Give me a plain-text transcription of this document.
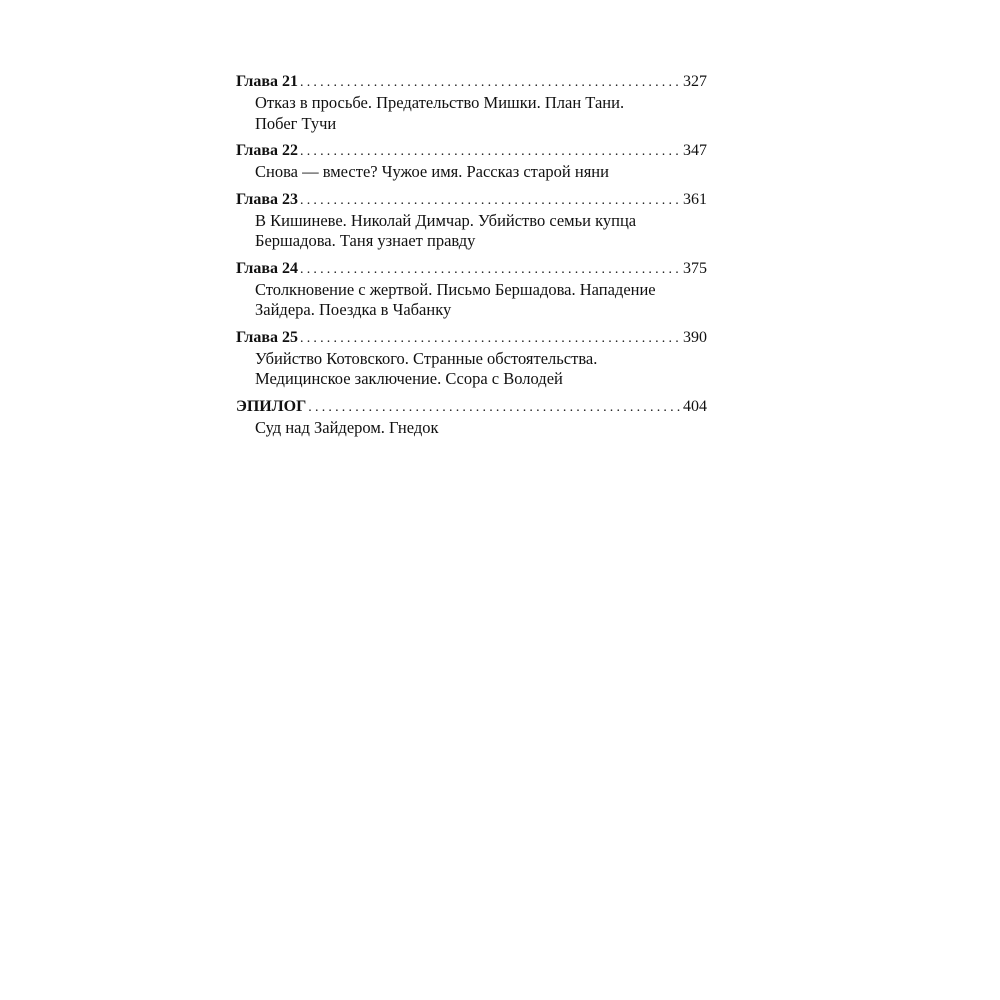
Глава 21 .....	327
Отказ в просьбе. Предательство Мишки. План Тани.
Побег Тучи
Глава 22 .....	347
Снова — вместе? Чужое имя. Рассказ старой няни
Глава 23 .....	361
В Кишиневе. Николай Димчар. Убийство семьи купца
Бершадова. Таня узнает правду
Глава 24 .....	375
Столкновение с жертвой. Письмо Бершадова. Нападение
Зайдера. Поездка в Чабанку
Глава 25 .....	390
Убийство Котовского. Странные обстоятельства.
Медицинское заключение. Ссора с Володей
ЭПИЛОГ .....	404
Суд над Зайдером. Гнедок
